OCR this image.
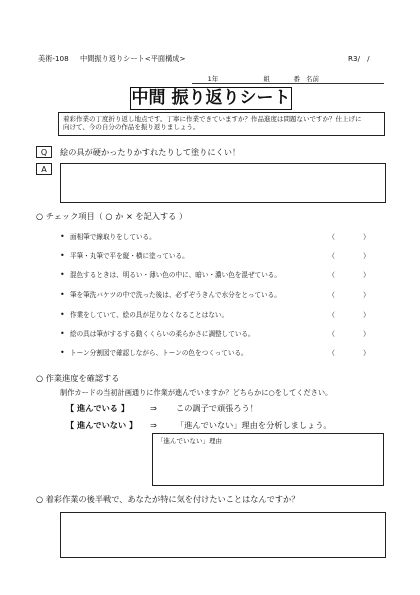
美術-108 中間振り返りシート<平面構成>	R3/　/
1年	組	番 名前
中間 振り返りシート
着彩作業の丁度折り返し地点です。丁寧に作業できていますか？作品進度は問題ないですか？仕上げに
向けて、今の自分の作品を振り返りましょう。
Q	絵の具が硬かったりかすれたりして塗りにくい！
A
○ チェック項目（ ○ か × を記入する ）
• 面相筆で線取りをしている。	（　　　　）
• 平筆・丸筆で平を縦・横に塗っている。	（　　　　）
• 混色するときは、明るい・薄い色の中に、暗い・濃い色を混ぜている。	（　　　　）
• 筆を筆洗バケツの中で洗った後は、必ずぞうきんで水分をとっている。	（　　　　）
• 作業をしていて、絵の具が足りなくなることはない。	（　　　　）
• 絵の具は筆がするする動くくらいの柔らかさに調整している。	（　　　　）
• トーン分割図で確認しながら、トーンの色をつくっている。	（　　　　）
○ 作業進度を確認する
制作カードの当初計画通りに作業が進んでいますか？どちらかに○をしてください。
【 進んでいる 】	⇒ この調子で頑張ろう！
【 進んでいない 】 ⇒ 「進んでいない」理由を分析しましょう。
「進んでいない」理由
○ 着彩作業の後半戦で、あなたが特に気を付けたいことはなんですか？
